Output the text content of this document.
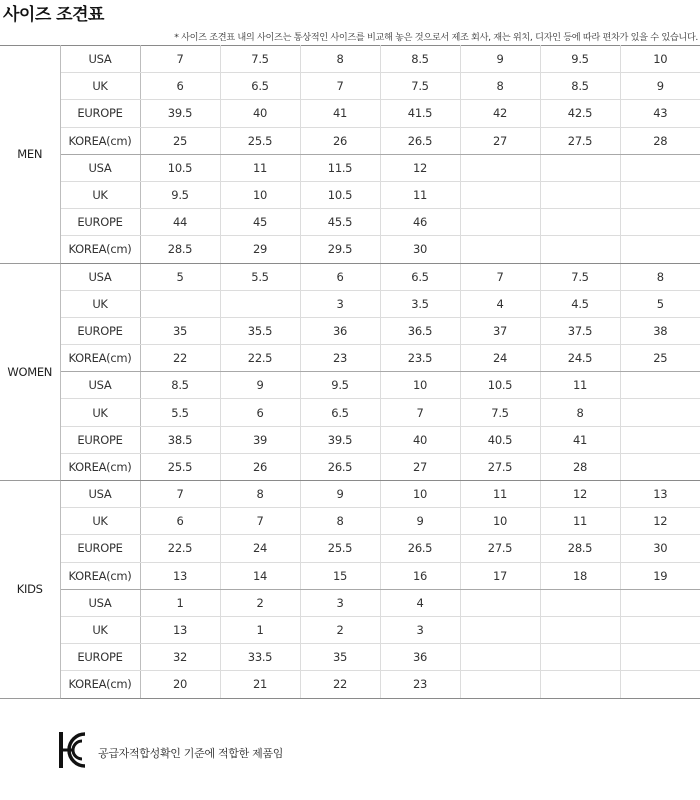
사이즈 조견표

* 사이즈 조견표 내의 사이즈는 통상적인 사이즈를 비교해 놓은 것으로서 제조 회사, 재는 위치, 디자인 등에 따라 편차가 있을 수 있습니다.

MEN	USA	7	7.5	8	8.5	9	9.5	10
	UK	6	6.5	7	7.5	8	8.5	9
	EUROPE	39.5	40	41	41.5	42	42.5	43
	KOREA(cm)	25	25.5	26	26.5	27	27.5	28
	USA	10.5	11	11.5	12			
	UK	9.5	10	10.5	11			
	EUROPE	44	45	45.5	46			
	KOREA(cm)	28.5	29	29.5	30			
WOMEN	USA	5	5.5	6	6.5	7	7.5	8
	UK			3	3.5	4	4.5	5
	EUROPE	35	35.5	36	36.5	37	37.5	38
	KOREA(cm)	22	22.5	23	23.5	24	24.5	25
	USA	8.5	9	9.5	10	10.5	11	
	UK	5.5	6	6.5	7	7.5	8	
	EUROPE	38.5	39	39.5	40	40.5	41	
	KOREA(cm)	25.5	26	26.5	27	27.5	28	
KIDS	USA	7	8	9	10	11	12	13
	UK	6	7	8	9	10	11	12
	EUROPE	22.5	24	25.5	26.5	27.5	28.5	30
	KOREA(cm)	13	14	15	16	17	18	19
	USA	1	2	3	4			
	UK	13	1	2	3			
	EUROPE	32	33.5	35	36			
	KOREA(cm)	20	21	22	23			

공급자적합성확인 기준에 적합한 제품임
